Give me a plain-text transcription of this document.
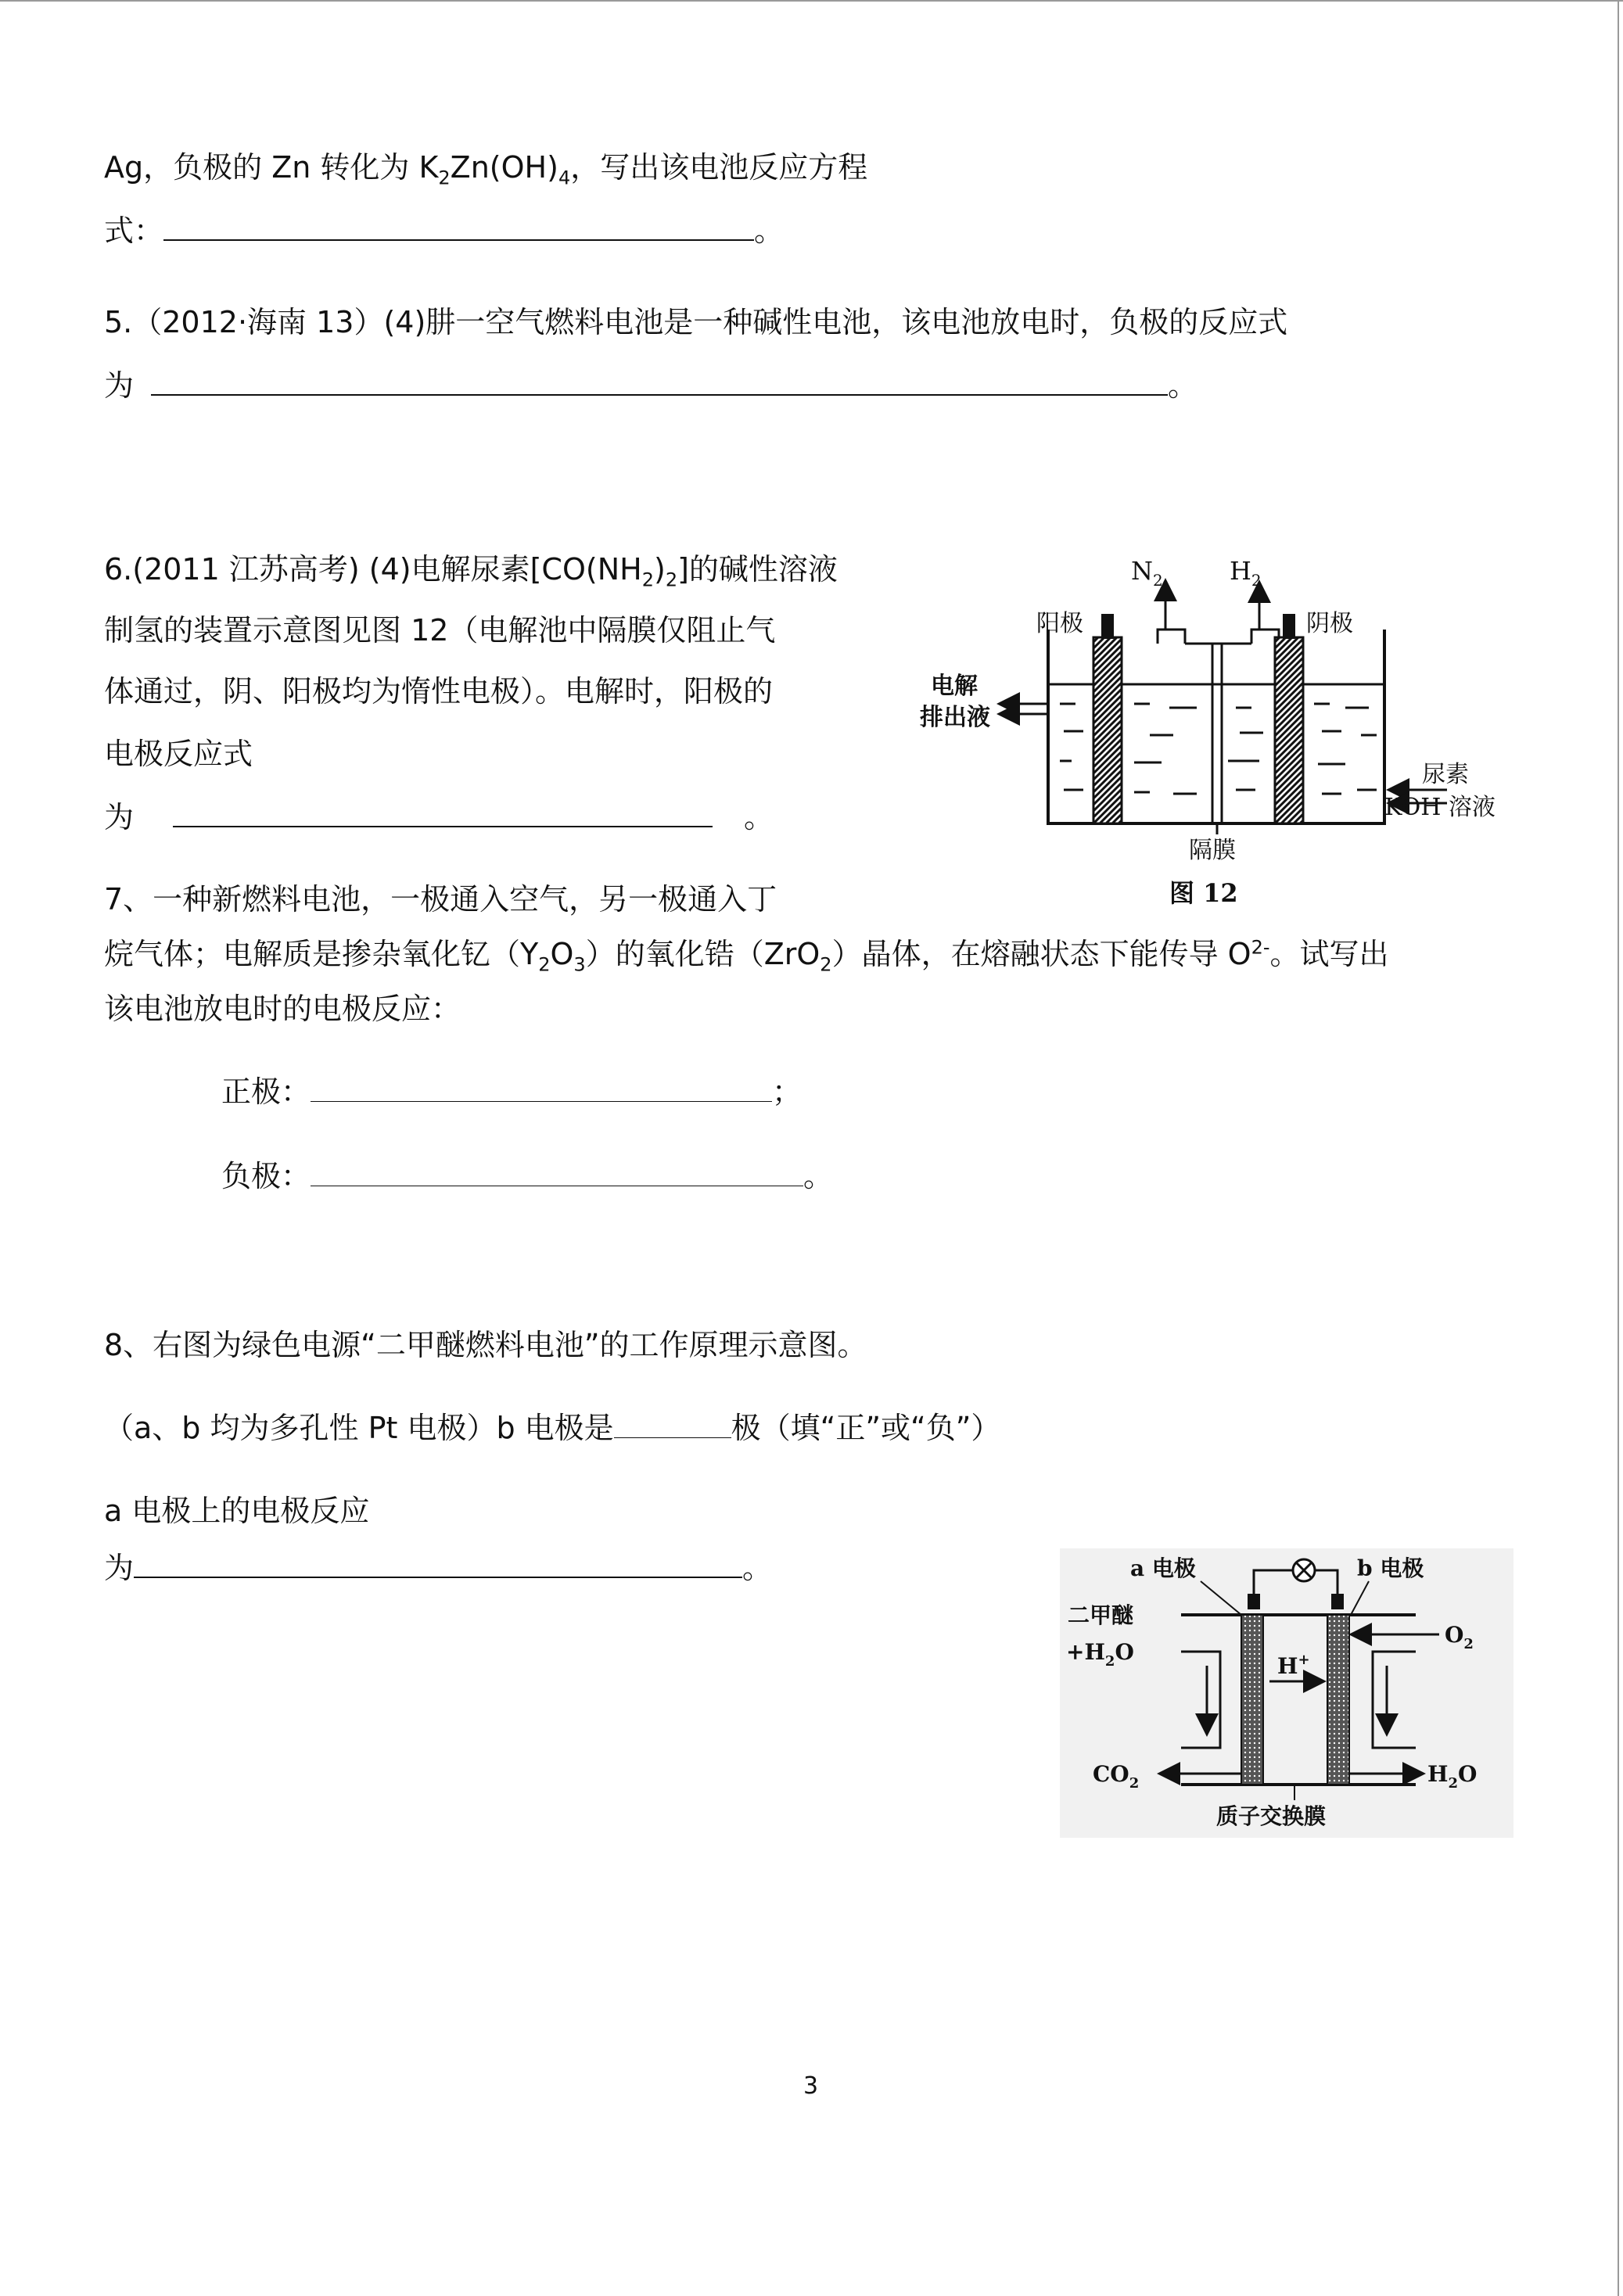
Ag，负极的 Zn 转化为 $K_2Zn(OH)_4$，写出该电池反应方程
式：	。
5.（2012·海南 13）(4)肼一空气燃料电池是一种碱性电池，该电池放电时，负极的反应式
为	。
6.(2011 江苏高考) (4)电解尿素$[CO(NH_2)_2]$的碱性溶液
制氢的装置示意图见图 12（电解池中隔膜仅阻止气
体通过，阴、阳极均为惰性电极）。电解时，阳极的
电极反应式
为	。
$N_2$	$H_2$
阳极	阴极
电解
排出液
尿素
KOH 溶液
隔膜
图 12
7、一种新燃料电池，一极通入空气，另一极通入丁
烷气体；电解质是掺杂氧化钇$(Y_2O_3)$的氧化锆（ZrO$_2$）晶体，在熔融状态下能传导 $O^{2-}$。试写出
该电池放电时的电极反应：
正极：	；
负极：	。
8、右图为绿色电源“二甲醚燃料电池”的工作原理示意图。
（a、b 均为多孔性 Pt 电极）b 电极是	极（填“正”或“负”）
a 电极上的电极反应
为	。	a 电极	b 电极
H+
二甲醚
$+H_2O$
$O_2$
$CO_2$	$H_2O$
质子交换膜
3
